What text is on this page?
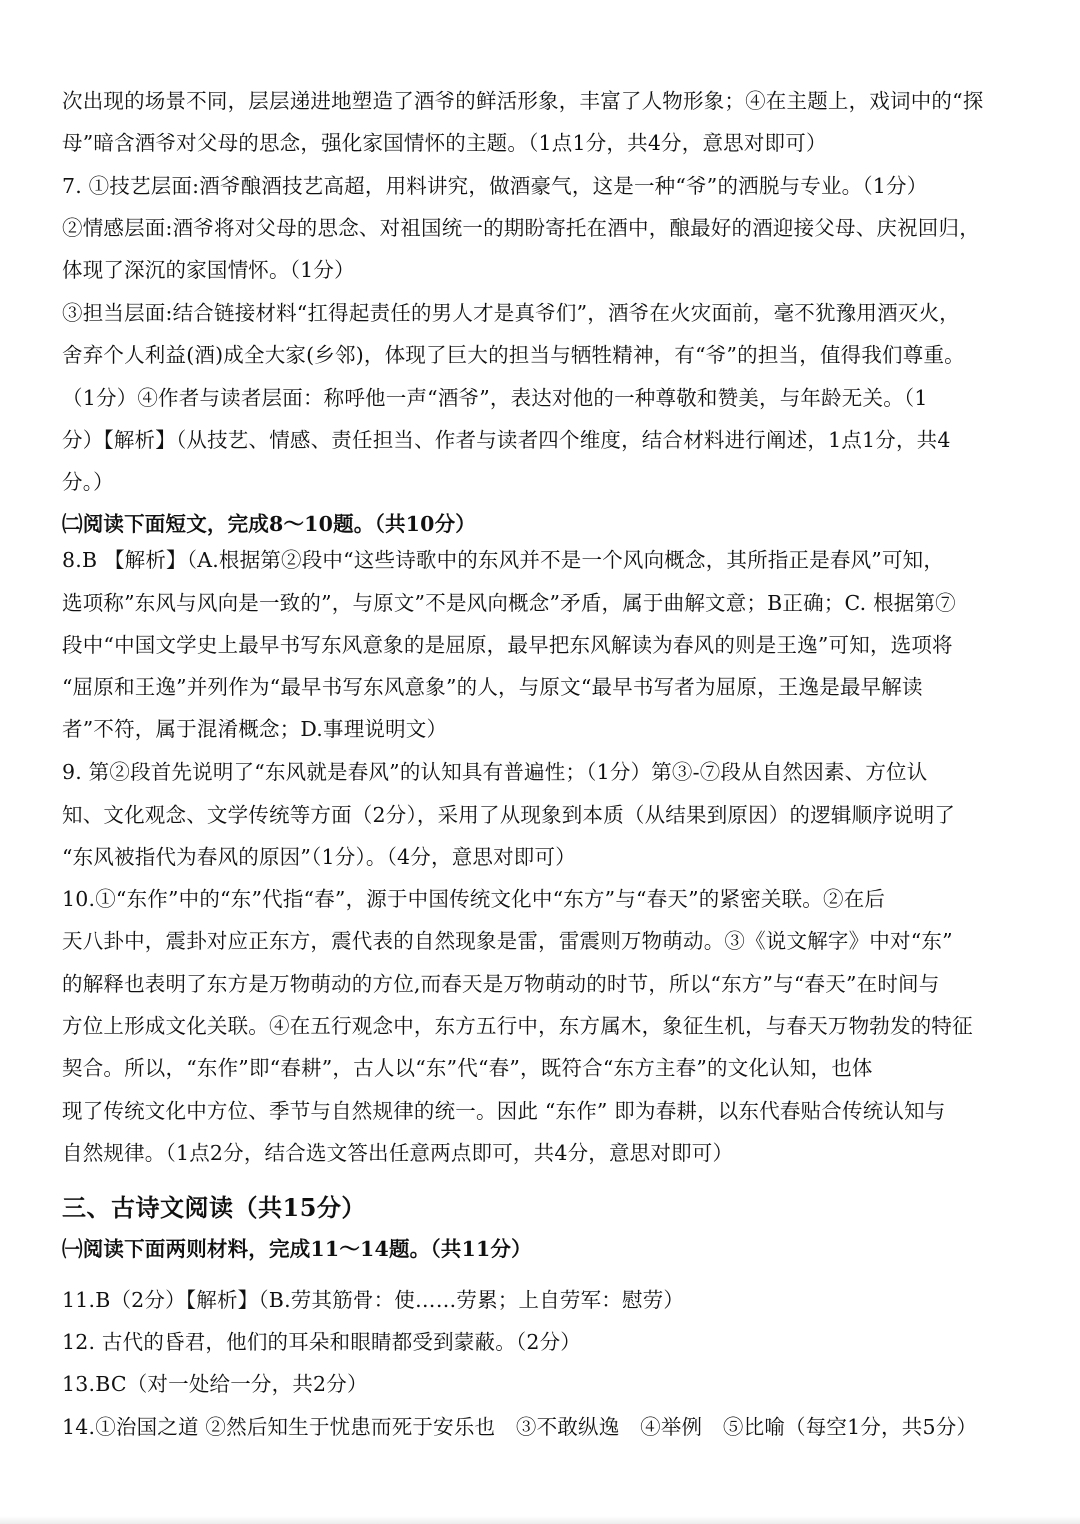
次出现的场景不同，层层递进地塑造了酒爷的鲜活形象，丰富了人物形象；④在主题上，戏词中的“探
母”暗含酒爷对父母的思念，强化家国情怀的主题。（1点1分，共4分，意思对即可）
7. ①技艺层面:酒爷酿酒技艺高超，用料讲究，做酒豪气，这是一种“爷”的洒脱与专业。（1分）
②情感层面:酒爷将对父母的思念、对祖国统一的期盼寄托在酒中，酿最好的酒迎接父母、庆祝回归，
体现了深沉的家国情怀。（1分）
③担当层面:结合链接材料“扛得起责任的男人才是真爷们”，酒爷在火灾面前，毫不犹豫用酒灭火，
舍弃个人利益(酒)成全大家(乡邻)，体现了巨大的担当与牺牲精神，有“爷”的担当，值得我们尊重。
（1分）④作者与读者层面：称呼他一声“酒爷”，表达对他的一种尊敬和赞美，与年龄无关。（1
分）【解析】（从技艺、情感、责任担当、作者与读者四个维度，结合材料进行阐述，1点1分，共4
分。）
㈡阅读下面短文，完成8～10题。（共10分）
8.B 【解析】（A.根据第②段中“这些诗歌中的东风并不是一个风向概念，其所指正是春风”可知，
选项称”东风与风向是一致的”，与原文”不是风向概念”矛盾，属于曲解文意；B正确；C. 根据第⑦
段中“中国文学史上最早书写东风意象的是屈原，最早把东风解读为春风的则是王逸”可知，选项将
“屈原和王逸”并列作为“最早书写东风意象”的人，与原文“最早书写者为屈原，王逸是最早解读
者”不符，属于混淆概念；D.事理说明文）
9. 第②段首先说明了“东风就是春风”的认知具有普遍性；（1分）第③-⑦段从自然因素、方位认
知、文化观念、文学传统等方面（2分），采用了从现象到本质（从结果到原因）的逻辑顺序说明了
“东风被指代为春风的原因”（1分）。（4分，意思对即可）
10.①“东作”中的“东”代指“春”，源于中国传统文化中“东方”与“春天”的紧密关联。②在后
天八卦中，震卦对应正东方，震代表的自然现象是雷，雷震则万物萌动。③《说文解字》中对“东”
的解释也表明了东方是万物萌动的方位,而春天是万物萌动的时节，所以“东方”与“春天”在时间与
方位上形成文化关联。④在五行观念中，东方五行中，东方属木，象征生机，与春天万物勃发的特征
契合。所以，“东作”即“春耕”，古人以“东”代“春”，既符合“东方主春”的文化认知，也体
现了传统文化中方位、季节与自然规律的统一。因此 “东作” 即为春耕，以东代春贴合传统认知与
自然规律。（1点2分，结合选文答出任意两点即可，共4分，意思对即可）
三、古诗文阅读（共15分）
㈠阅读下面两则材料，完成11～14题。（共11分）
11.B（2分）【解析】（B.劳其筋骨：使……劳累；上自劳军：慰劳）
12. 古代的昏君，他们的耳朵和眼睛都受到蒙蔽。（2分）
13.BC（对一处给一分，共2分）
14.①治国之道 ②然后知生于忧患而死于安乐也　③不敢纵逸　④举例　⑤比喻（每空1分，共5分）
